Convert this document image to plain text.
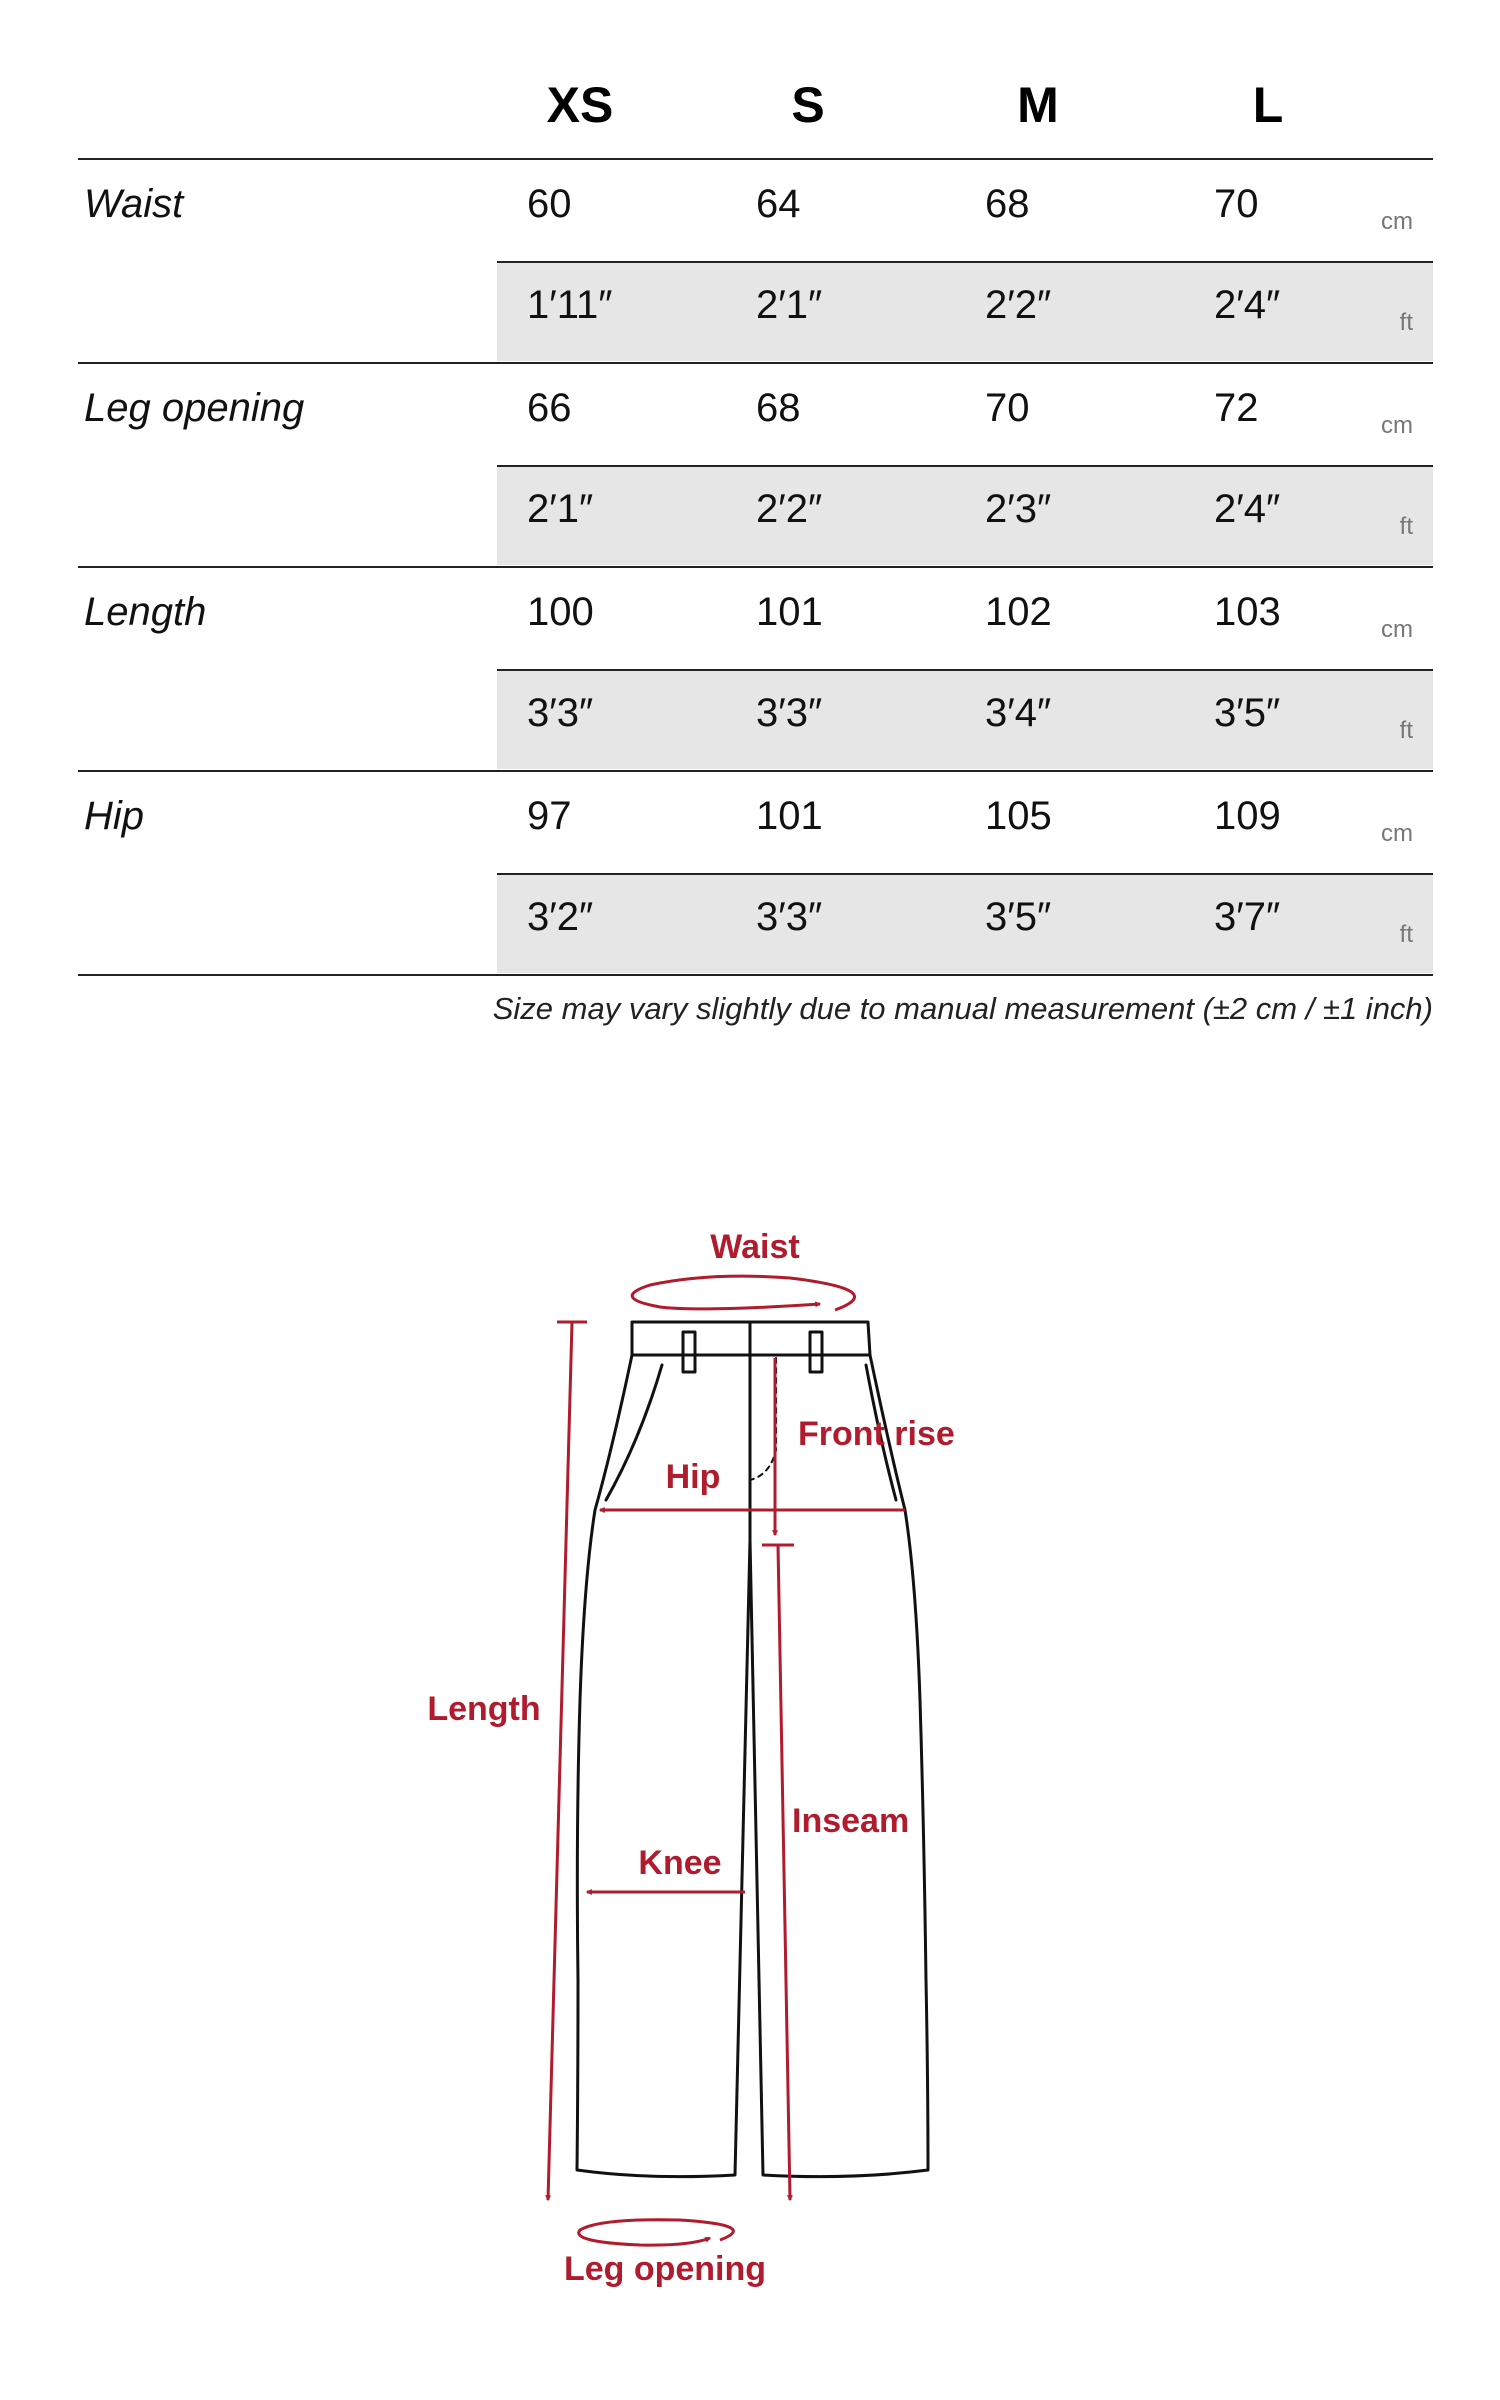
XS	S	M	L
Waist	60	64	68	70	cm
1′11″	2′1″	2′2″	2′4″	ft
Leg opening	66	68	70	72	cm
2′1″	2′2″	2′3″	2′4″	ft
Length	100	101	102	103	cm
3′3″	3′3″	3′4″	3′5″	ft
Hip	97	101	105	109	cm
3′2″	3′3″	3′5″	3′7″	ft
Size may vary slightly due to manual measurement (±2 cm / ±1 inch)
Waist
Front rise
Hip
Length
Inseam
Knee
Leg opening
